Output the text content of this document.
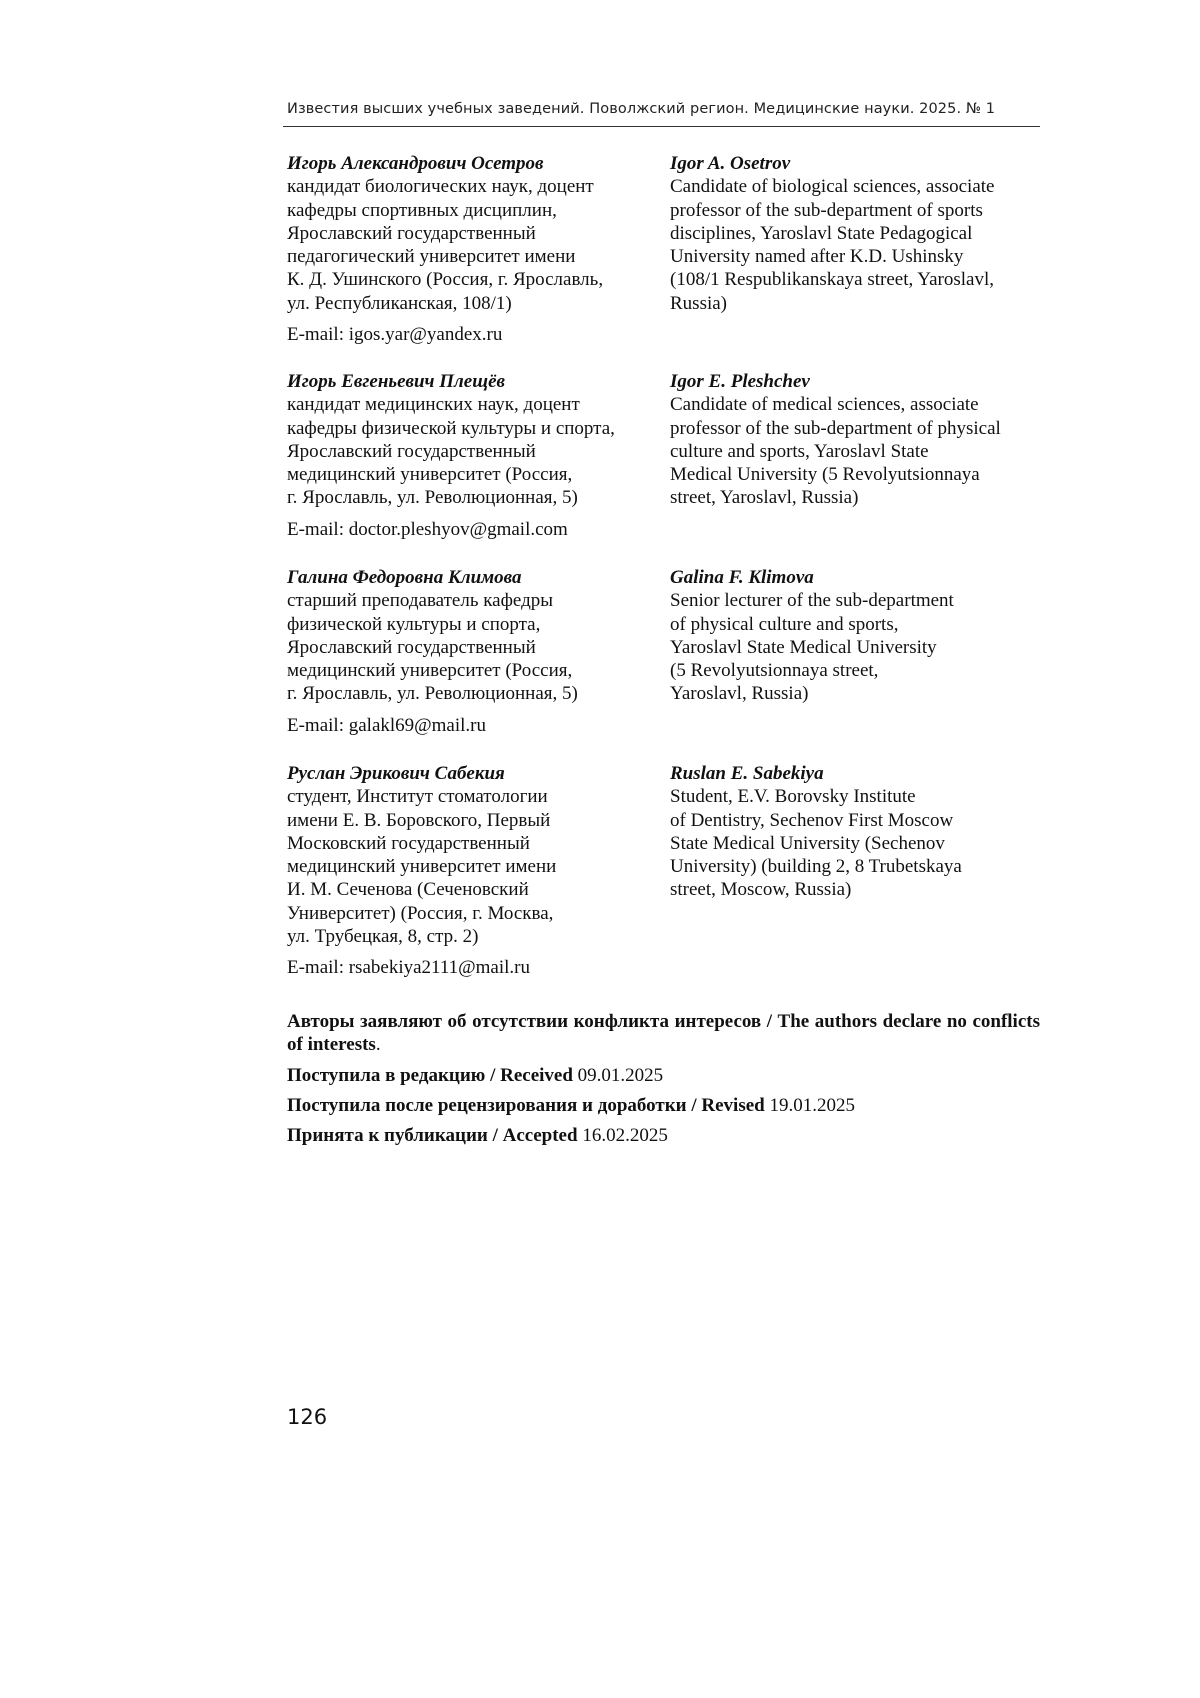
Известия высших учебных заведений. Поволжский регион. Медицинские науки. 2025. № 1
Игорь Александрович Осетров
кандидат биологических наук, доцент
кафедры спортивных дисциплин,
Ярославский государственный
педагогический университет имени
К. Д. Ушинского (Россия, г. Ярославль,
ул. Республиканская, 108/1)
Igor A. Osetrov
Candidate of biological sciences, associate
professor of the sub-department of sports
disciplines, Yaroslavl State Pedagogical
University named after K.D. Ushinsky
(108/1 Respublikanskaya street, Yaroslavl,
Russia)
E-mail: igos.yar@yandex.ru
Игорь Евгеньевич Плещёв
кандидат медицинских наук, доцент
кафедры физической культуры и спорта,
Ярославский государственный
медицинский университет (Россия,
г. Ярославль, ул. Революционная, 5)
Igor E. Pleshchev
Candidate of medical sciences, associate
professor of the sub-department of physical
culture and sports, Yaroslavl State
Medical University (5 Revolyutsionnaya
street, Yaroslavl, Russia)
E-mail: doctor.pleshyov@gmail.com
Галина Федоровна Климова
старший преподаватель кафедры
физической культуры и спорта,
Ярославский государственный
медицинский университет (Россия,
г. Ярославль, ул. Революционная, 5)
Galina F. Klimova
Senior lecturer of the sub-department
of physical culture and sports,
Yaroslavl State Medical University
(5 Revolyutsionnaya street,
Yaroslavl, Russia)
E-mail: galakl69@mail.ru
Руслан Эрикович Сабекия
студент, Институт стоматологии
имени Е. В. Боровского, Первый
Московский государственный
медицинский университет имени
И. М. Сеченова (Сеченовский
Университет) (Россия, г. Москва,
ул. Трубецкая, 8, стр. 2)
Ruslan E. Sabekiya
Student, E.V. Borovsky Institute
of Dentistry, Sechenov First Moscow
State Medical University (Sechenov
University) (building 2, 8 Trubetskaya
street, Moscow, Russia)
E-mail: rsabekiya2111@mail.ru

Авторы заявляют об отсутствии конфликта интересов / The authors declare no conflicts of interests.

Поступила в редакцию / Received 09.01.2025

Поступила после рецензирования и доработки / Revised 19.01.2025

Принята к публикации / Accepted 16.02.2025

126
